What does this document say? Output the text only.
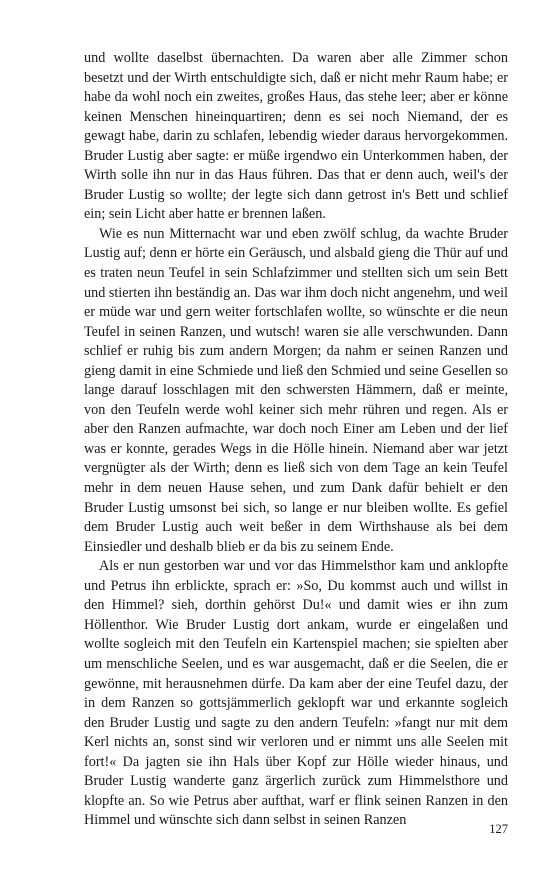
und wollte daselbst übernachten. Da waren aber alle Zimmer schon besetzt und der Wirth entschuldigte sich, daß er nicht mehr Raum habe; er habe da wohl noch ein zweites, großes Haus, das stehe leer; aber er könne keinen Menschen hineinquartiren; denn es sei noch Niemand, der es gewagt habe, darin zu schlafen, lebendig wieder daraus hervorgekommen. Bruder Lustig aber sagte: er müße irgendwo ein Unterkommen haben, der Wirth solle ihn nur in das Haus führen. Das that er denn auch, weil's der Bruder Lustig so wollte; der legte sich dann getrost in's Bett und schlief ein; sein Licht aber hatte er brennen laßen.

Wie es nun Mitternacht war und eben zwölf schlug, da wachte Bruder Lustig auf; denn er hörte ein Geräusch, und alsbald gieng die Thür auf und es traten neun Teufel in sein Schlafzimmer und stellten sich um sein Bett und stierten ihn beständig an. Das war ihm doch nicht angenehm, und weil er müde war und gern weiter fortschlafen wollte, so wünschte er die neun Teufel in seinen Ranzen, und wutsch! waren sie alle verschwunden. Dann schlief er ruhig bis zum andern Morgen; da nahm er seinen Ranzen und gieng damit in eine Schmiede und ließ den Schmied und seine Gesellen so lange darauf losschlagen mit den schwersten Hämmern, daß er meinte, von den Teufeln werde wohl keiner sich mehr rühren und regen. Als er aber den Ranzen aufmachte, war doch noch Einer am Leben und der lief was er konnte, gerades Wegs in die Hölle hinein. Niemand aber war jetzt vergnügter als der Wirth; denn es ließ sich von dem Tage an kein Teufel mehr in dem neuen Hause sehen, und zum Dank dafür behielt er den Bruder Lustig umsonst bei sich, so lange er nur bleiben wollte. Es gefiel dem Bruder Lustig auch weit beßer in dem Wirthshause als bei dem Einsiedler und deshalb blieb er da bis zu seinem Ende.

Als er nun gestorben war und vor das Himmelsthor kam und anklopfte und Petrus ihn erblickte, sprach er: »So, Du kommst auch und willst in den Himmel? sieh, dorthin gehörst Du!« und damit wies er ihn zum Höllenthor. Wie Bruder Lustig dort ankam, wurde er eingelaßen und wollte sogleich mit den Teufeln ein Kartenspiel machen; sie spielten aber um menschliche Seelen, und es war ausgemacht, daß er die Seelen, die er gewönne, mit herausnehmen dürfe. Da kam aber der eine Teufel dazu, der in dem Ranzen so gottsjämmerlich geklopft war und erkannte sogleich den Bruder Lustig und sagte zu den andern Teufeln: »fangt nur mit dem Kerl nichts an, sonst sind wir verloren und er nimmt uns alle Seelen mit fort!« Da jagten sie ihn Hals über Kopf zur Hölle wieder hinaus, und Bruder Lustig wanderte ganz ärgerlich zurück zum Himmelsthore und klopfte an. So wie Petrus aber aufthat, warf er flink seinen Ranzen in den Himmel und wünschte sich dann selbst in seinen Ranzen

127
